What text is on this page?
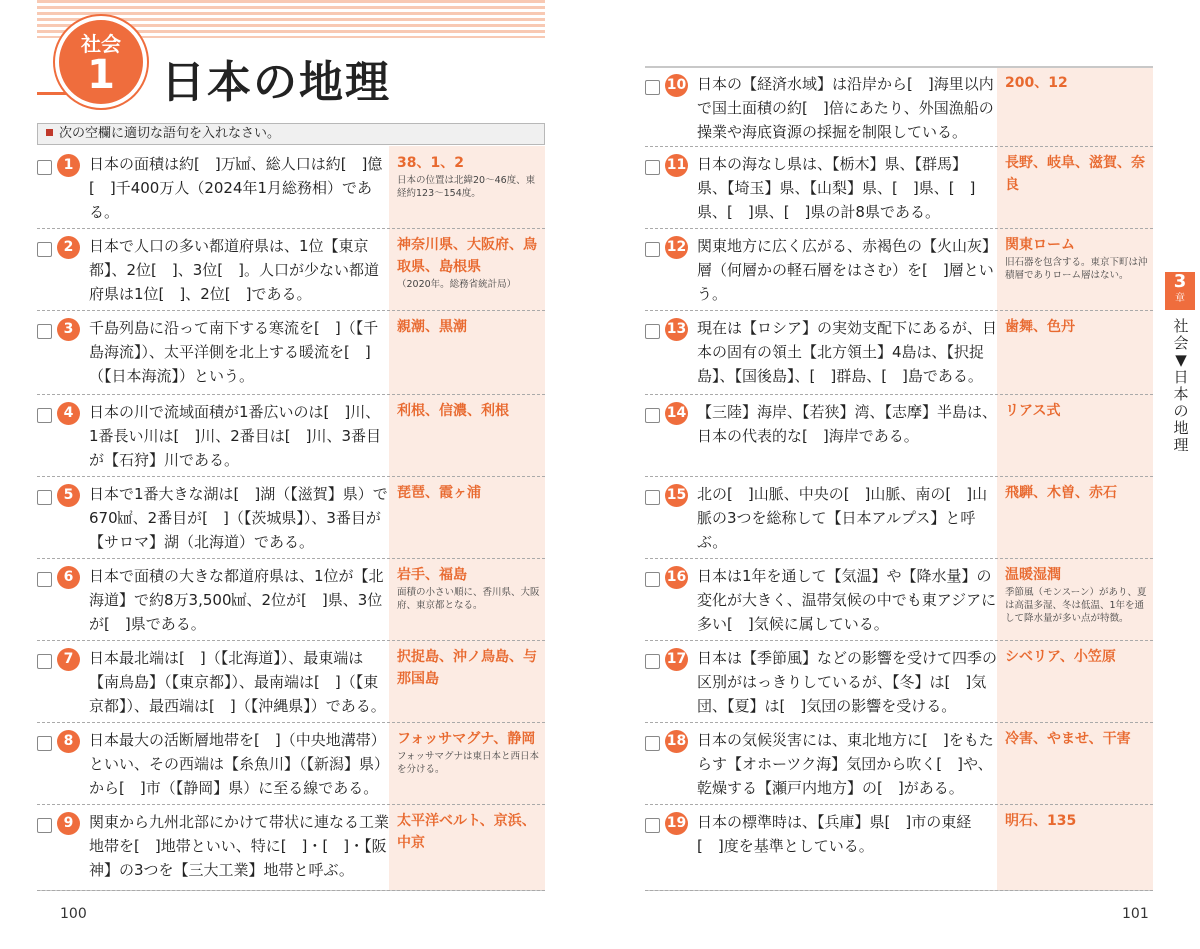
社会
1	日本の地理
次の空欄に適切な語句を入れなさい。
1	日本の面積は約[　]万㎢、総人口は約[　]億[　]千400万人（2024年1月総務相）である。
38、1、2
日本の位置は北緯20〜46度、東経約123〜154度。
2	日本で人口の多い都道府県は、1位【東京都】、2位[　]、3位[　]。人口が少ない都道府県は1位[　]、2位[　]である。
神奈川県、大阪府、鳥取県、島根県
（2020年。総務省統計局）
3	千島列島に沿って南下する寒流を[　]（【千島海流】）、太平洋側を北上する暖流を[　]（【日本海流】）という。
親潮、黒潮
4	日本の川で流域面積が1番広いのは[　]川、1番長い川は[　]川、2番目は[　]川、3番目が【石狩】川である。
利根、信濃、利根
5	日本で1番大きな湖は[　]湖（【滋賀】県）で670㎢、2番目が[　]（【茨城県】）、3番目が【サロマ】湖（北海道）である。
琵琶、霞ヶ浦
6	日本で面積の大きな都道府県は、1位が【北海道】で約8万3,500㎢、2位が[　]県、3位が[　]県である。
岩手、福島
面積の小さい順に、香川県、大阪府、東京都となる。
7	日本最北端は[　]（【北海道】）、最東端は【南鳥島】（【東京都】）、最南端は[　]（【東京都】）、最西端は[　]（【沖縄県】）である。
択捉島、沖ノ鳥島、与那国島
8	日本最大の活断層地帯を[　]（中央地溝帯）といい、その西端は【糸魚川】（【新潟】県）から[　]市（【静岡】県）に至る線である。
フォッサマグナ、静岡
フォッサマグナは東日本と西日本を分ける。
9	関東から九州北部にかけて帯状に連なる工業地帯を[　]地帯といい、特に[　]・[　]・【阪神】の3つを【三大工業】地帯と呼ぶ。
太平洋ベルト、京浜、中京
10 日本の【経済水域】は沿岸から[　]海里以内で国土面積の約[　]倍にあたり、外国漁船の操業や海底資源の採掘を制限している。
200、12
11 日本の海なし県は、【栃木】県、【群馬】県、【埼玉】県、【山梨】県、[　]県、[　]県、[　]県、[　]県の計8県である。
長野、岐阜、滋賀、奈良
12 関東地方に広く広がる、赤褐色の【火山灰】層（何層かの軽石層をはさむ）を[　]層という。
関東ローム
旧石器を包含する。東京下町は沖積層でありローム層はない。
13 現在は【ロシア】の実効支配下にあるが、日本の固有の領土【北方領土】4島は、【択捉島】、【国後島】、[　]群島、[　]島である。
歯舞、色丹
14 【三陸】海岸、【若狭】湾、【志摩】半島は、日本の代表的な[　]海岸である。
リアス式
15 北の[　]山脈、中央の[　]山脈、南の[　]山脈の3つを総称して【日本アルプス】と呼ぶ。
飛騨、木曽、赤石
16 日本は1年を通して【気温】や【降水量】の変化が大きく、温帯気候の中でも東アジアに多い[　]気候に属している。
温暖湿潤
季節風（モンスーン）があり、夏は高温多湿、冬は低温、1年を通して降水量が多い点が特徴。
17 日本は【季節風】などの影響を受けて四季の区別がはっきりしているが、【冬】は[　]気団、【夏】は[　]気団の影響を受ける。
シベリア、小笠原
18 日本の気候災害には、東北地方に[　]をもたらす【オホーツク海】気団から吹く[　]や、乾燥する【瀬戸内地方】の[　]がある。
冷害、やませ、干害
19 日本の標準時は、【兵庫】県[　]市の東経[　]度を基準としている。
明石、135
3
章
社会▼日本の地理
100	101
